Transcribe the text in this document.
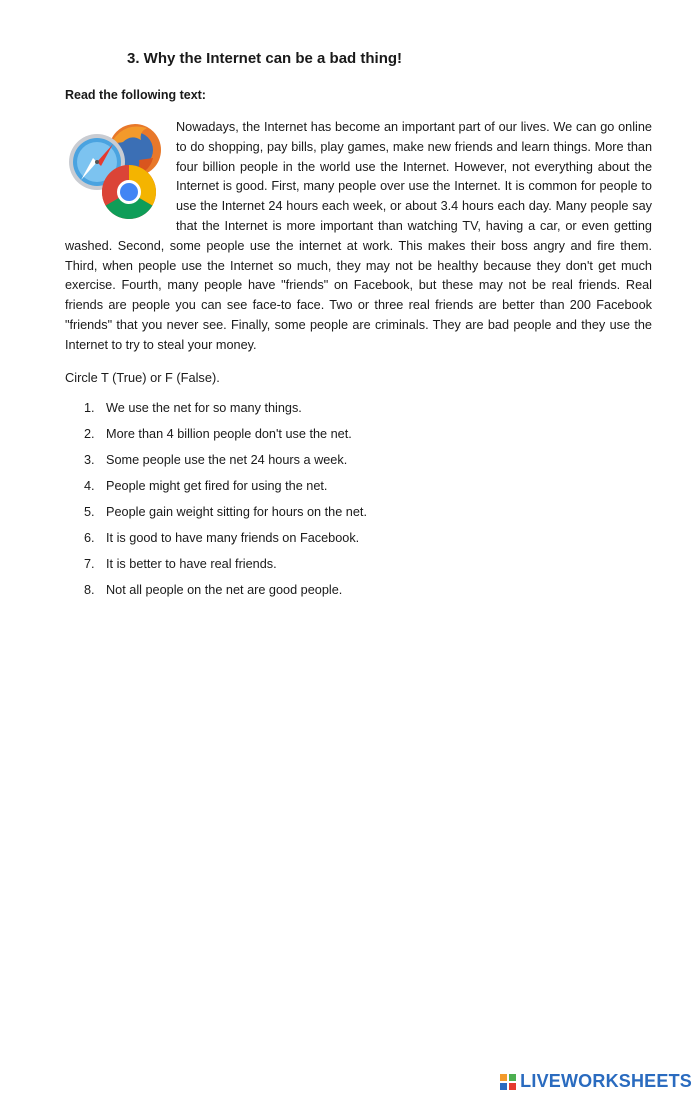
3. Why the Internet can be a bad thing!

Read the following text:

Nowadays, the Internet has become an important part of our lives. We can go online to do shopping, pay bills, play games, make new friends and learn things. More than four billion people in the world use the Internet. However, not everything about the Internet is good. First, many people over use the Internet. It is common for people to use the Internet 24 hours each week, or about 3.4 hours each day. Many people say that the Internet is more important than watching TV, having a car, or even getting washed. Second, some people use the internet at work. This makes their boss angry and fire them. Third, when people use the Internet so much, they may not be healthy because they don't get much exercise. Fourth, many people have "friends" on Facebook, but these may not be real friends. Real friends are people you can see face-to face. Two or three real friends are better than 200 Facebook "friends" that you never see. Finally, some people are criminals. They are bad people and they use the Internet to try to steal your money.

Circle T (True) or F (False).

1. We use the net for so many things.
2. More than 4 billion people don't use the net.
3. Some people use the net 24 hours a week.
4. People might get fired for using the net.
5. People gain weight sitting for hours on the net.
6. It is good to have many friends on Facebook.
7. It is better to have real friends.
8. Not all people on the net are good people.
LIVEWORKSHEETS
